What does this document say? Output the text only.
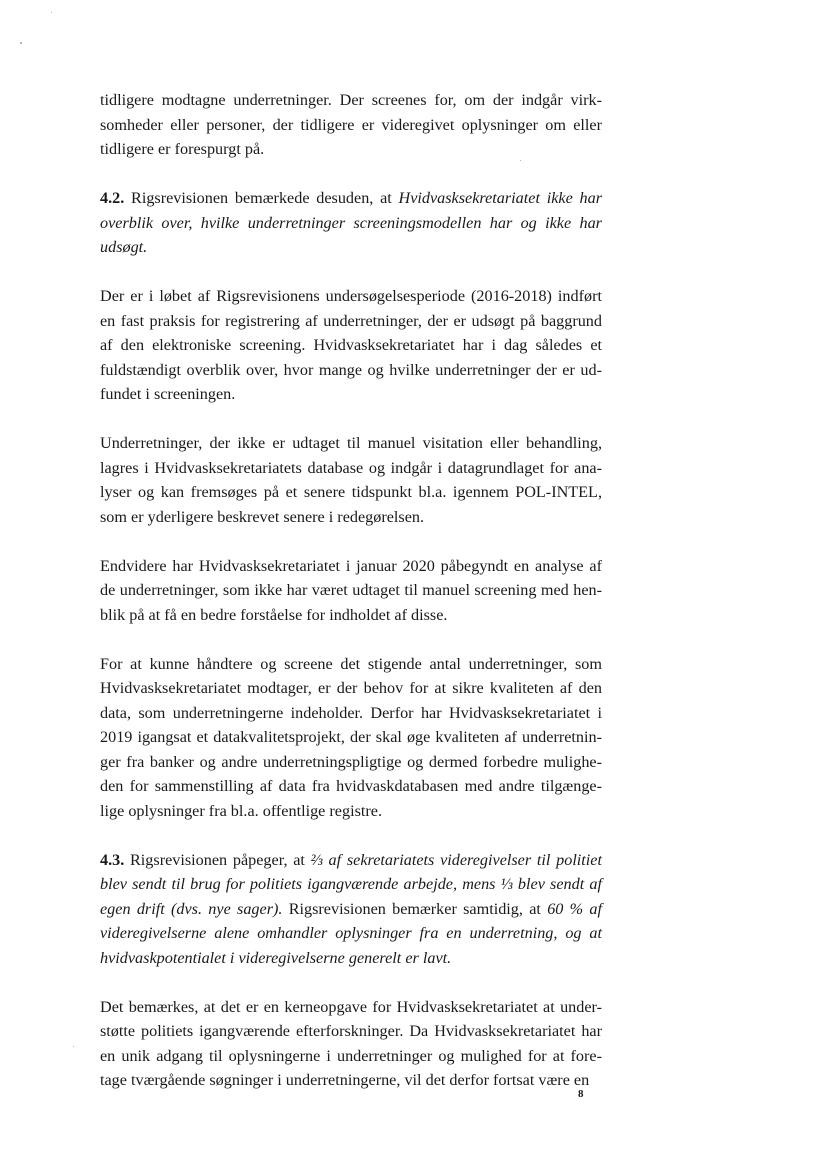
tidligere modtagne underretninger. Der screenes for, om der indgår virk-somheder eller personer, der tidligere er videregivet oplysninger om eller tidligere er forespurgt på.

4.2. Rigsrevisionen bemærkede desuden, at Hvidvasksekretariatet ikke har overblik over, hvilke underretninger screeningsmodellen har og ikke har udsøgt.

Der er i løbet af Rigsrevisionens undersøgelsesperiode (2016-2018) indført en fast praksis for registrering af underretninger, der er udsøgt på baggrund af den elektroniske screening. Hvidvasksekretariatet har i dag således et fuldstændigt overblik over, hvor mange og hvilke underretninger der er ud-fundet i screeningen.

Underretninger, der ikke er udtaget til manuel visitation eller behandling, lagres i Hvidvasksekretariatets database og indgår i datagrundlaget for ana-lyser og kan fremsøges på et senere tidspunkt bl.a. igennem POL-INTEL, som er yderligere beskrevet senere i redegørelsen.

Endvidere har Hvidvasksekretariatet i januar 2020 påbegyndt en analyse af de underretninger, som ikke har været udtaget til manuel screening med hen-blik på at få en bedre forståelse for indholdet af disse.

For at kunne håndtere og screene det stigende antal underretninger, som Hvidvasksekretariatet modtager, er der behov for at sikre kvaliteten af den data, som underretningerne indeholder. Derfor har Hvidvasksekretariatet i 2019 igangsat et datakvalitetsprojekt, der skal øge kvaliteten af underretnin-ger fra banker og andre underretningspligtige og dermed forbedre mulighe-den for sammenstilling af data fra hvidvaskdatabasen med andre tilgænge-lige oplysninger fra bl.a. offentlige registre.

4.3. Rigsrevisionen påpeger, at ⅔ af sekretariatets videregivelser til politiet blev sendt til brug for politiets igangværende arbejde, mens ⅓ blev sendt af egen drift (dvs. nye sager). Rigsrevisionen bemærker samtidig, at 60 % af videregivelserne alene omhandler oplysninger fra en underretning, og at hvidvaskpotentialet i videregivelserne generelt er lavt.

Det bemærkes, at det er en kerneopgave for Hvidvasksekretariatet at under-støtte politiets igangværende efterforskninger. Da Hvidvasksekretariatet har en unik adgang til oplysningerne i underretninger og mulighed for at fore-tage tværgående søgninger i underretningerne, vil det derfor fortsat være en

8
